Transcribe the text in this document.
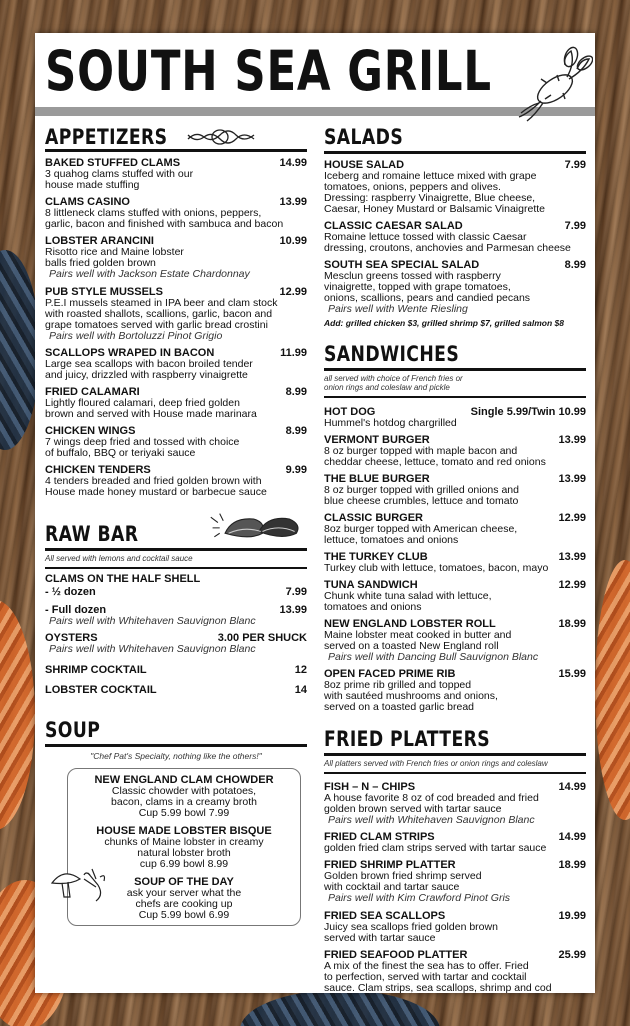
SOUTH SEA GRILL
APPETIZERS
BAKED STUFFED CLAMS	14.99
3 quahog clams stuffed with our
house made stuffing
CLAMS CASINO	13.99
8 littleneck clams stuffed with onions, peppers,
garlic, bacon and finished with sambuca and bacon
LOBSTER ARANCINI	10.99
Risotto rice and Maine lobster
balls fried golden brown
Pairs well with Jackson Estate Chardonnay
PUB STYLE MUSSELS	12.99
P.E.I mussels steamed in IPA beer and clam stock
with roasted shallots, scallions, garlic, bacon and
grape tomatoes served with garlic bread crostini
Pairs well with Bortoluzzi Pinot Grigio
SCALLOPS WRAPED IN BACON	11.99
Large sea scallops with bacon broiled tender
and juicy, drizzled with raspberry vinaigrette
FRIED CALAMARI	8.99
Lightly floured calamari, deep fried golden
brown and served with House made marinara
CHICKEN WINGS	8.99
7 wings deep fried and tossed with choice
of buffalo, BBQ or teriyaki sauce
CHICKEN TENDERS	9.99
4 tenders breaded and fried golden brown with
House made honey mustard or barbecue sauce
RAW BAR
All served with lemons and cocktail sauce
CLAMS ON THE HALF SHELL
- ½ dozen	7.99
- Full dozen	13.99
Pairs well with Whitehaven Sauvignon Blanc
OYSTERS	3.00 PER SHUCK
Pairs well with Whitehaven Sauvignon Blanc
SHRIMP COCKTAIL	12
LOBSTER COCKTAIL	14
SOUP
"Chef Pat's Specialty, nothing like the others!"
NEW ENGLAND CLAM CHOWDER
Classic chowder with potatoes,
bacon, clams in a creamy broth
Cup 5.99 bowl 7.99
HOUSE MADE LOBSTER BISQUE
chunks of Maine lobster in creamy
natural lobster broth
cup 6.99 bowl 8.99
SOUP OF THE DAY
ask your server what the
chefs are cooking up
Cup 5.99 bowl 6.99
SALADS
HOUSE SALAD	7.99
Iceberg and romaine lettuce mixed with grape
tomatoes, onions, peppers and olives.
Dressing: raspberry Vinaigrette, Blue cheese,
Caesar, Honey Mustard or Balsamic Vinaigrette
CLASSIC CAESAR SALAD	7.99
Romaine lettuce tossed with classic Caesar
dressing, croutons, anchovies and Parmesan cheese
SOUTH SEA SPECIAL SALAD	8.99
Mesclun greens tossed with raspberry
vinaigrette, topped with grape tomatoes,
onions, scallions, pears and candied pecans
Pairs well with Wente Riesling
Add: grilled chicken $3, grilled shrimp $7, grilled salmon $8
SANDWICHES
all served with choice of French fries or
onion rings and coleslaw and pickle
HOT DOG	Single 5.99/Twin 10.99
Hummel's hotdog chargrilled
VERMONT BURGER	13.99
8 oz burger topped with maple bacon and
cheddar cheese, lettuce, tomato and red onions
THE BLUE BURGER	13.99
8 oz burger topped with grilled onions and
blue cheese crumbles, lettuce and tomato
CLASSIC BURGER	12.99
8oz burger topped with American cheese,
lettuce, tomatoes and onions
THE TURKEY CLUB	13.99
Turkey club with lettuce, tomatoes, bacon, mayo
TUNA SANDWICH	12.99
Chunk white tuna salad with lettuce,
tomatoes and onions
NEW ENGLAND LOBSTER ROLL	18.99
Maine lobster meat cooked in butter and
served on a toasted New England roll
Pairs well with Dancing Bull Sauvignon Blanc
OPEN FACED PRIME RIB	15.99
8oz prime rib grilled and topped
with sautéed mushrooms and onions,
served on a toasted garlic bread
FRIED PLATTERS
All platters served with French fries or onion rings and coleslaw
FISH – N – CHIPS	14.99
A house favorite 8 oz of cod breaded and fried
golden brown served with tartar sauce
Pairs well with Whitehaven Sauvignon Blanc
FRIED CLAM STRIPS	14.99
golden fried clam strips served with tartar sauce
FRIED SHRIMP PLATTER	18.99
Golden brown fried shrimp served
with cocktail and tartar sauce
Pairs well with Kim Crawford Pinot Gris
FRIED SEA SCALLOPS	19.99
Juicy sea scallops fried golden brown
served with tartar sauce
FRIED SEAFOOD PLATTER	25.99
A mix of the finest the sea has to offer. Fried
to perfection, served with tartar and cocktail
sauce. Clam strips, sea scallops, shrimp and cod
